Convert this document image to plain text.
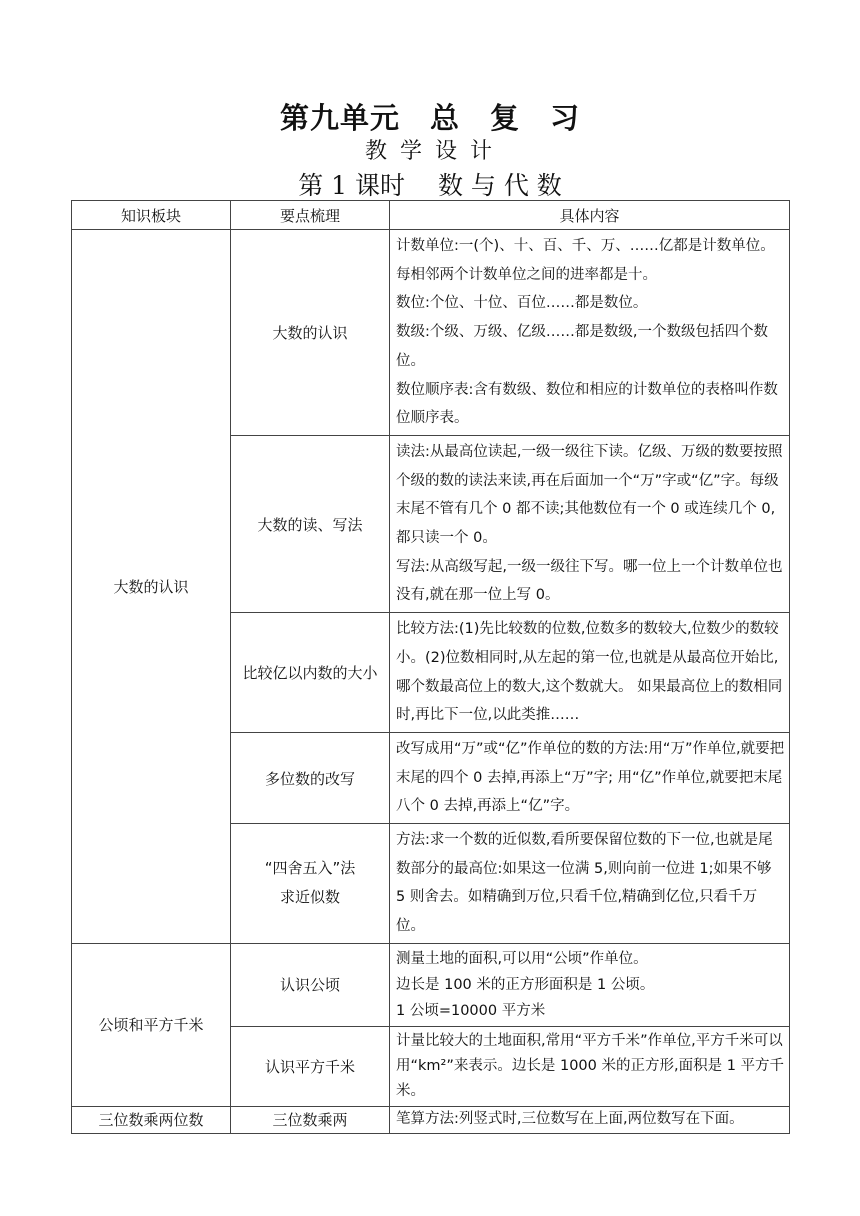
第九单元　总　复　习
教 学 设 计
第 1 课时　 数 与 代 数
知识板块	要点梳理	具体内容
大数的认识	大数的认识	计数单位:一(个)、十、百、千、万、……亿都是计数单位。每相邻两个计数单位之间的进率都是十。
数位:个位、十位、百位……都是数位。
数级:个级、万级、亿级……都是数级,一个数级包括四个数位。
数位顺序表:含有数级、数位和相应的计数单位的表格叫作数位顺序表。

	大数的读、写法	读法:从最高位读起,一级一级往下读。亿级、万级的数要按照个级的数的读法来读,再在后面加一个“万”字或“亿”字。每级末尾不管有几个 0 都不读;其他数位有一个 0 或连续几个 0,都只读一个 0。
写法:从高级写起,一级一级往下写。哪一位上一个计数单位也没有,就在那一位上写 0。

	比较亿以内数的大小	比较方法:(1)先比较数的位数,位数多的数较大,位数少的数较小。(2)位数相同时,从左起的第一位,也就是从最高位开始比,哪个数最高位上的数大,这个数就大。 如果最高位上的数相同时,再比下一位,以此类推……

	多位数的改写	改写成用“万”或“亿”作单位的数的方法:用“万”作单位,就要把末尾的四个 0 去掉,再添上“万”字; 用“亿”作单位,就要把末尾八个 0 去掉,再添上“亿”字。

	“四舍五入”法
求近似数	方法:求一个数的近似数,看所要保留位数的下一位,也就是尾数部分的最高位:如果这一位满 5,则向前一位进 1;如果不够 5 则舍去。如精确到万位,只看千位,精确到亿位,只看千万位。

公顷和平方千米	认识公顷	测量土地的面积,可以用“公顷”作单位。
边长是 100 米的正方形面积是 1 公顷。
1 公顷=10000 平方米

	认识平方千米	计量比较大的土地面积,常用“平方千米”作单位,平方千米可以用“km²”来表示。边长是 1000 米的正方形,面积是 1 平方千米。

三位数乘两位数	三位数乘两	笔算方法:列竖式时,三位数写在上面,两位数写在下面。
